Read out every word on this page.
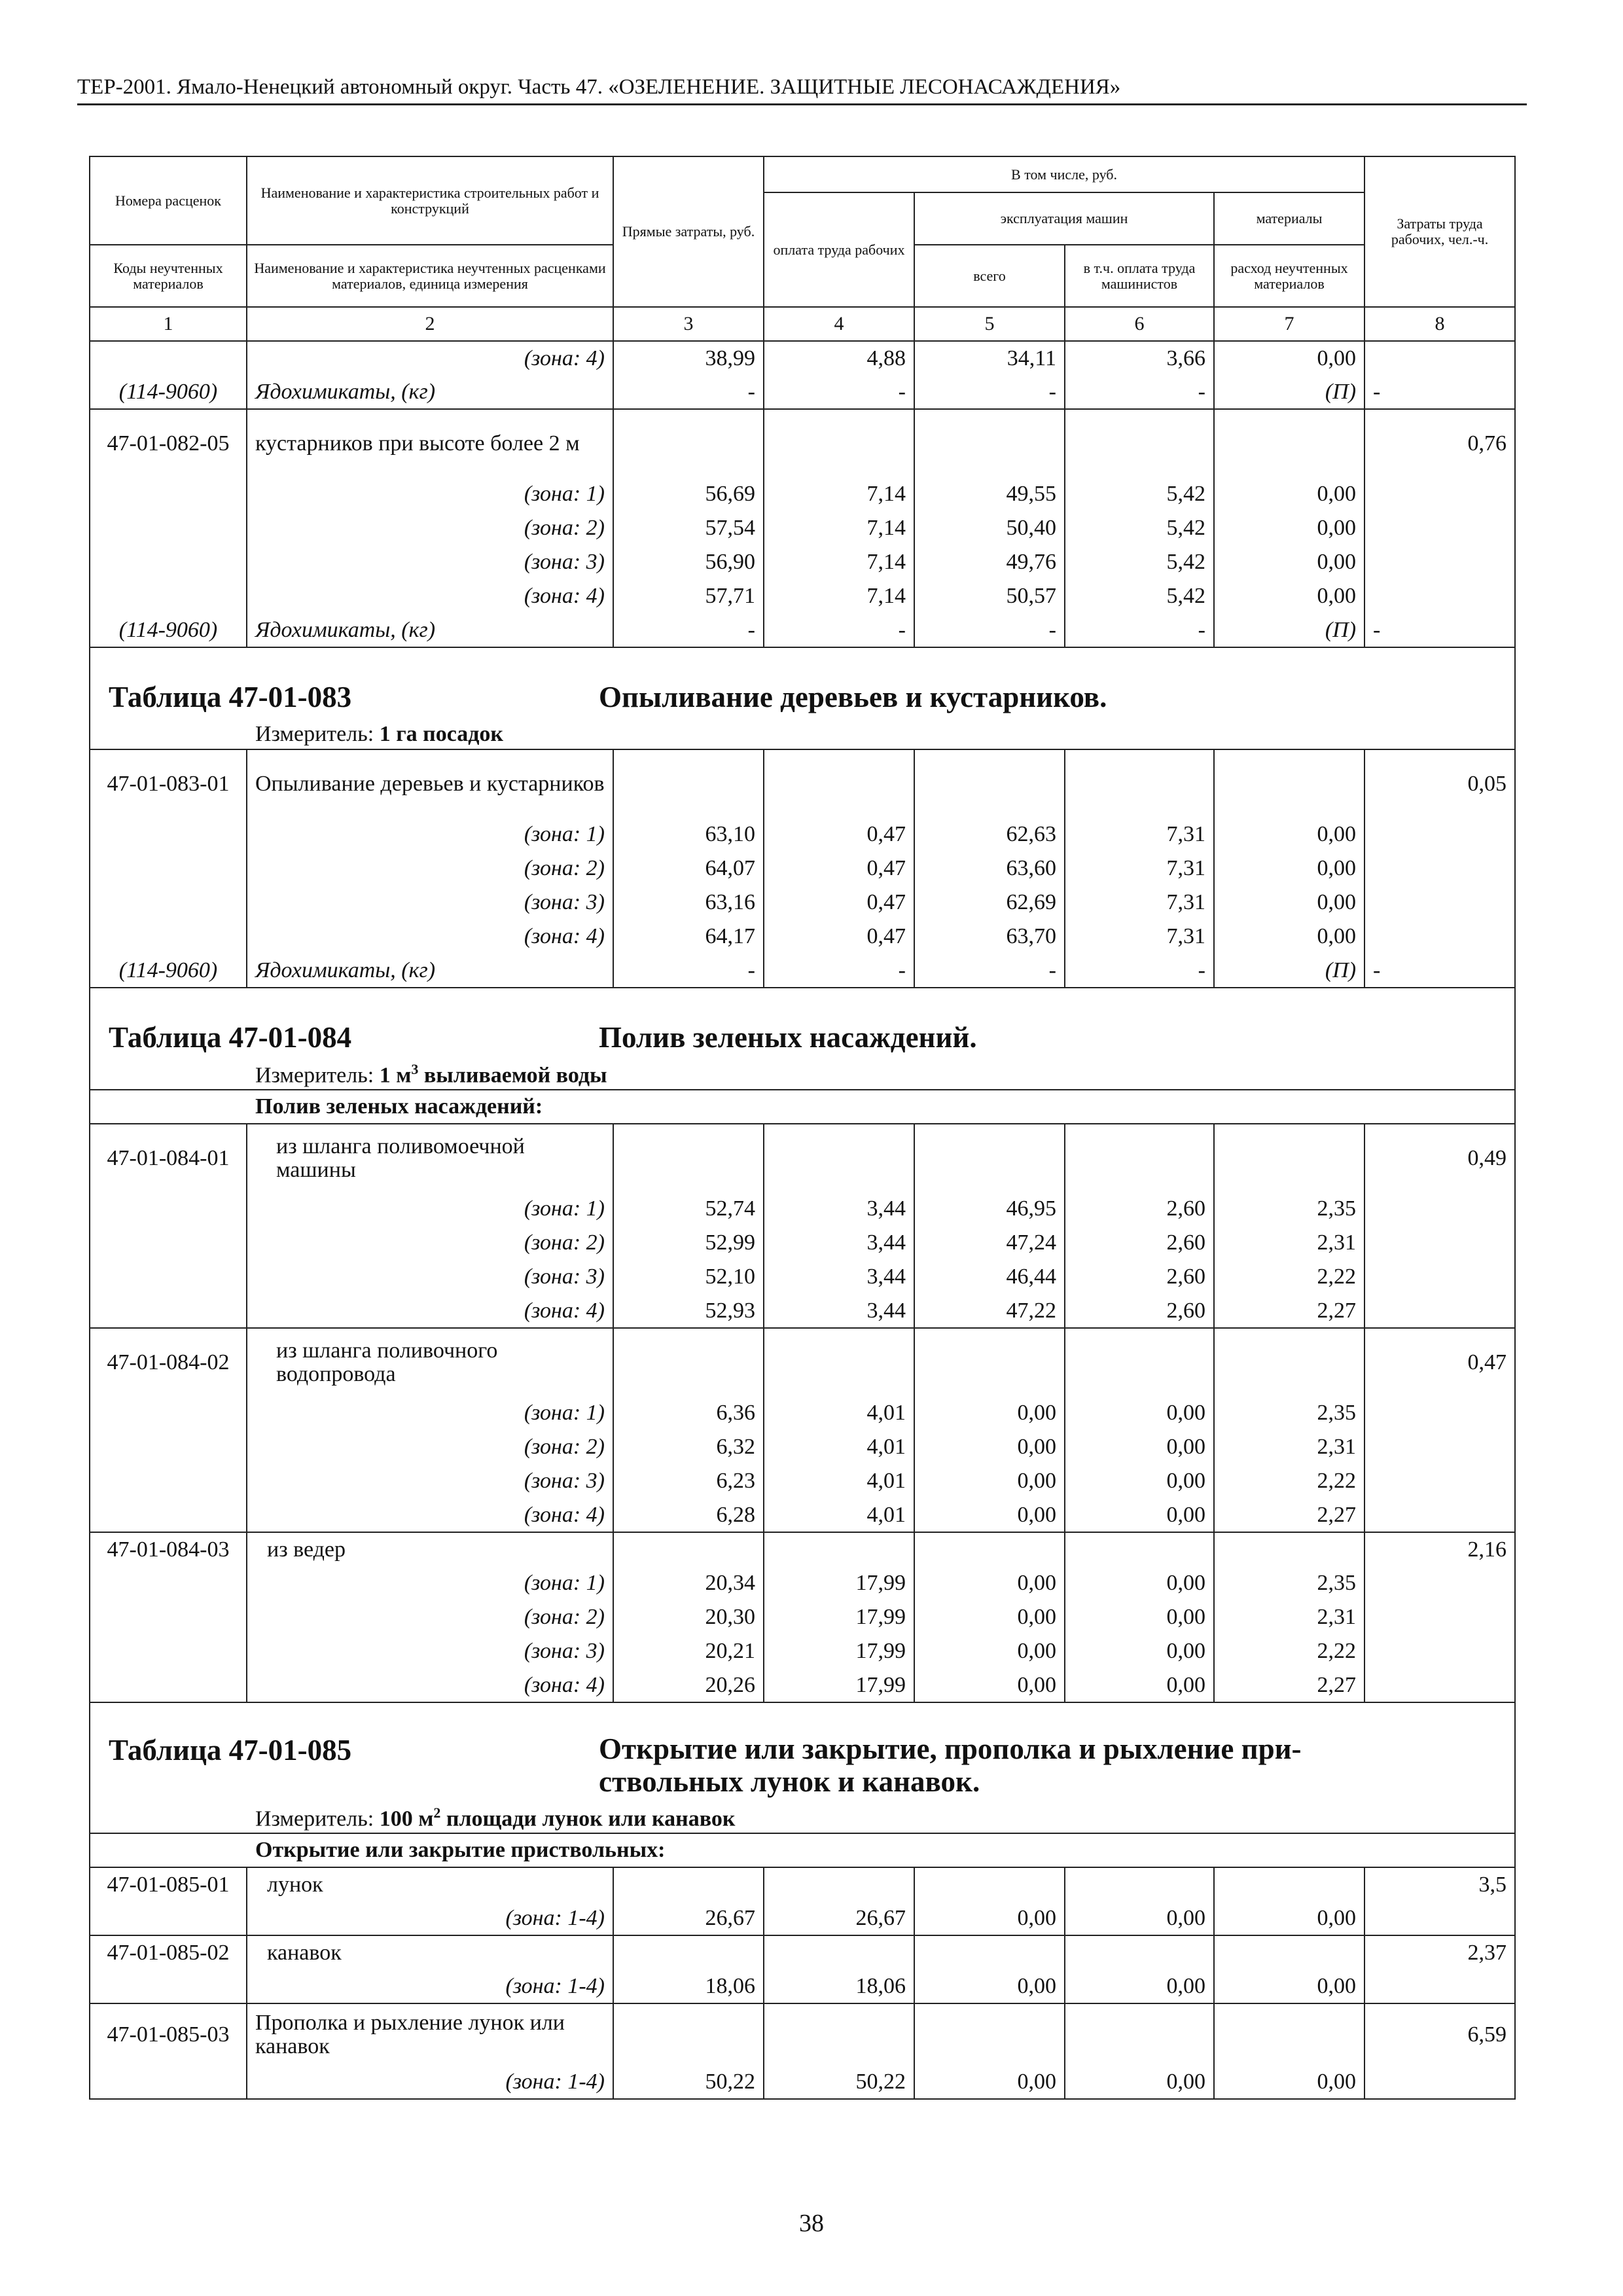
ТЕР-2001. Ямало-Ненецкий автономный округ. Часть 47. «ОЗЕЛЕНЕНИЕ. ЗАЩИТНЫЕ ЛЕСОНАСАЖДЕНИЯ»
Номера расценок	Наименование и характеристика строительных работ и конструкций	Прямые затраты, руб.	В том числе, руб.				Затраты труда рабочих, чел.-ч.
			оплата труда рабочих	эксплуатация машин		материалы	
Коды неучтенных материалов	Наименование и характеристика неучтенных расценками материалов, единица измерения			всего	в т.ч. оплата труда машинистов	расход неучтенных материалов	
1	2	3	4	5	6	7	8
	(зона: 4)	38,99	4,88	34,11	3,66	0,00	
(114-9060)	Ядохимикаты, (кг)	-	-	-	-	(П)	-
47-01-082-05	кустарников при высоте более 2 м						0,76
	(зона: 1)	56,69	7,14	49,55	5,42	0,00	
	(зона: 2)	57,54	7,14	50,40	5,42	0,00	
	(зона: 3)	56,90	7,14	49,76	5,42	0,00	
	(зона: 4)	57,71	7,14	50,57	5,42	0,00	
(114-9060)	Ядохимикаты, (кг)	-	-	-	-	(П)	-
Таблица 47-01-083 Опыливание деревьев и кустарников.							
Измеритель: 1 га посадок							
47-01-083-01	Опыливание деревьев и кустарников						0,05
	(зона: 1)	63,10	0,47	62,63	7,31	0,00	
	(зона: 2)	64,07	0,47	63,60	7,31	0,00	
	(зона: 3)	63,16	0,47	62,69	7,31	0,00	
	(зона: 4)	64,17	0,47	63,70	7,31	0,00	
(114-9060)	Ядохимикаты, (кг)	-	-	-	-	(П)	-
Таблица 47-01-084 Полив зеленых насаждений.							
Измеритель: 1 $м^3$ выливаемой воды							
Полив зеленых насаждений:							
47-01-084-01	из шланга поливомоечной машины						0,49
	(зона: 1)	52,74	3,44	46,95	2,60	2,35	
	(зона: 2)	52,99	3,44	47,24	2,60	2,31	
	(зона: 3)	52,10	3,44	46,44	2,60	2,22	
	(зона: 4)	52,93	3,44	47,22	2,60	2,27	
47-01-084-02	из шланга поливочного водопровода						0,47
	(зона: 1)	6,36	4,01	0,00	0,00	2,35	
	(зона: 2)	6,32	4,01	0,00	0,00	2,31	
	(зона: 3)	6,23	4,01	0,00	0,00	2,22	
	(зона: 4)	6,28	4,01	0,00	0,00	2,27	
47-01-084-03	из ведер						2,16
	(зона: 1)	20,34	17,99	0,00	0,00	2,35	
	(зона: 2)	20,30	17,99	0,00	0,00	2,31	
	(зона: 3)	20,21	17,99	0,00	0,00	2,22	
	(зона: 4)	20,26	17,99	0,00	0,00	2,27	

Таблица 47-01-085 Открытие или закрытие, прополка и рыхление при-
ствольных лунок и канавок.							

Измеритель: 100 $м^2$ площади лунок или канавок							
Открытие или закрытие приствольных:							
47-01-085-01	лунок						3,5
	(зона: 1-4)	26,67	26,67	0,00	0,00	0,00	
47-01-085-02	канавок						2,37
	(зона: 1-4)	18,06	18,06	0,00	0,00	0,00	
47-01-085-03	Прополка и рыхление лунок или канавок						6,59
	(зона: 1-4)	50,22	50,22	0,00	0,00	0,00	
38
